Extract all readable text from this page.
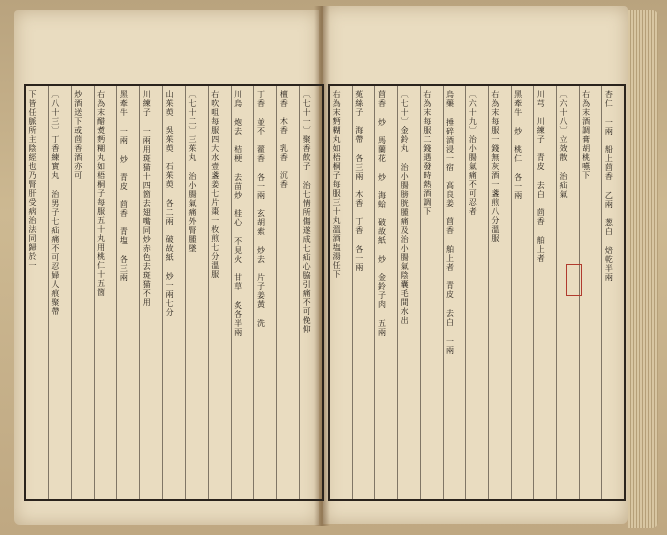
〔七十一〕聚香飲子 治七情所傷遂成七疝心脇引痛不可俛仰
檀香　木香　乳香　沉香
丁香 並不　藿香 各一兩　玄胡索 炒去　片子姜黃 洗
川烏 炮去　桔梗 去苗炒　桂心 不見火　甘草 炙各半兩
右吹咀每服四大水壹盞姜七片棗一枚煎七分溫服
〔七十二〕三茱丸 治小腸氣痛外腎腫墜
山茱萸　吳茱萸　石茱萸 各二兩　破故紙 炒一兩七分
川練子 一兩用斑猫十四箇去翅嘴同炒赤色去斑猫不用
黑牽牛 一兩 炒　青皮　茴香　青塩 各三兩
右為末醋煑麪糊丸如梧桐子每服五十丸用桃仁十五箇
炒酒送下或茴香酒亦可
〔八十三〕丁香練實丸 治男子七疝痛不可忍婦人痕聚帶
下皆任脈所主陰經也乃腎肝受病治法同歸於一	杏仁 一兩　船上茴香 乙兩　葱白 焙乾半兩
右為末酒調膏胡桃嚥下
〔六十八〕立效散 治疝氣
川芎　川練子　青皮 去白　茴香 舶上者
黑牽牛 炒　桃仁 各一兩
右為末每服一錢無灰酒一盞煎八分溫服
〔六十九〕治小腸氣痛不可忍者
烏藥 捶碎酒浸一宿　高良姜　茴香 舶上者　青皮 去白 一兩
右為末每服二錢遇發時熱酒調下
〔七十〕金鈴丸 治小腸膀胱腫痛及治小腸氣陰囊毛間水出
茴香 炒　馬蘭花 炒　海蛤　破故紙 炒　金鈴子肉 五兩
菟絲子　海帶 各三兩　木香　丁香 各一兩
右為末麪糊丸如梧桐子每服三十丸溫酒塩湯任下
